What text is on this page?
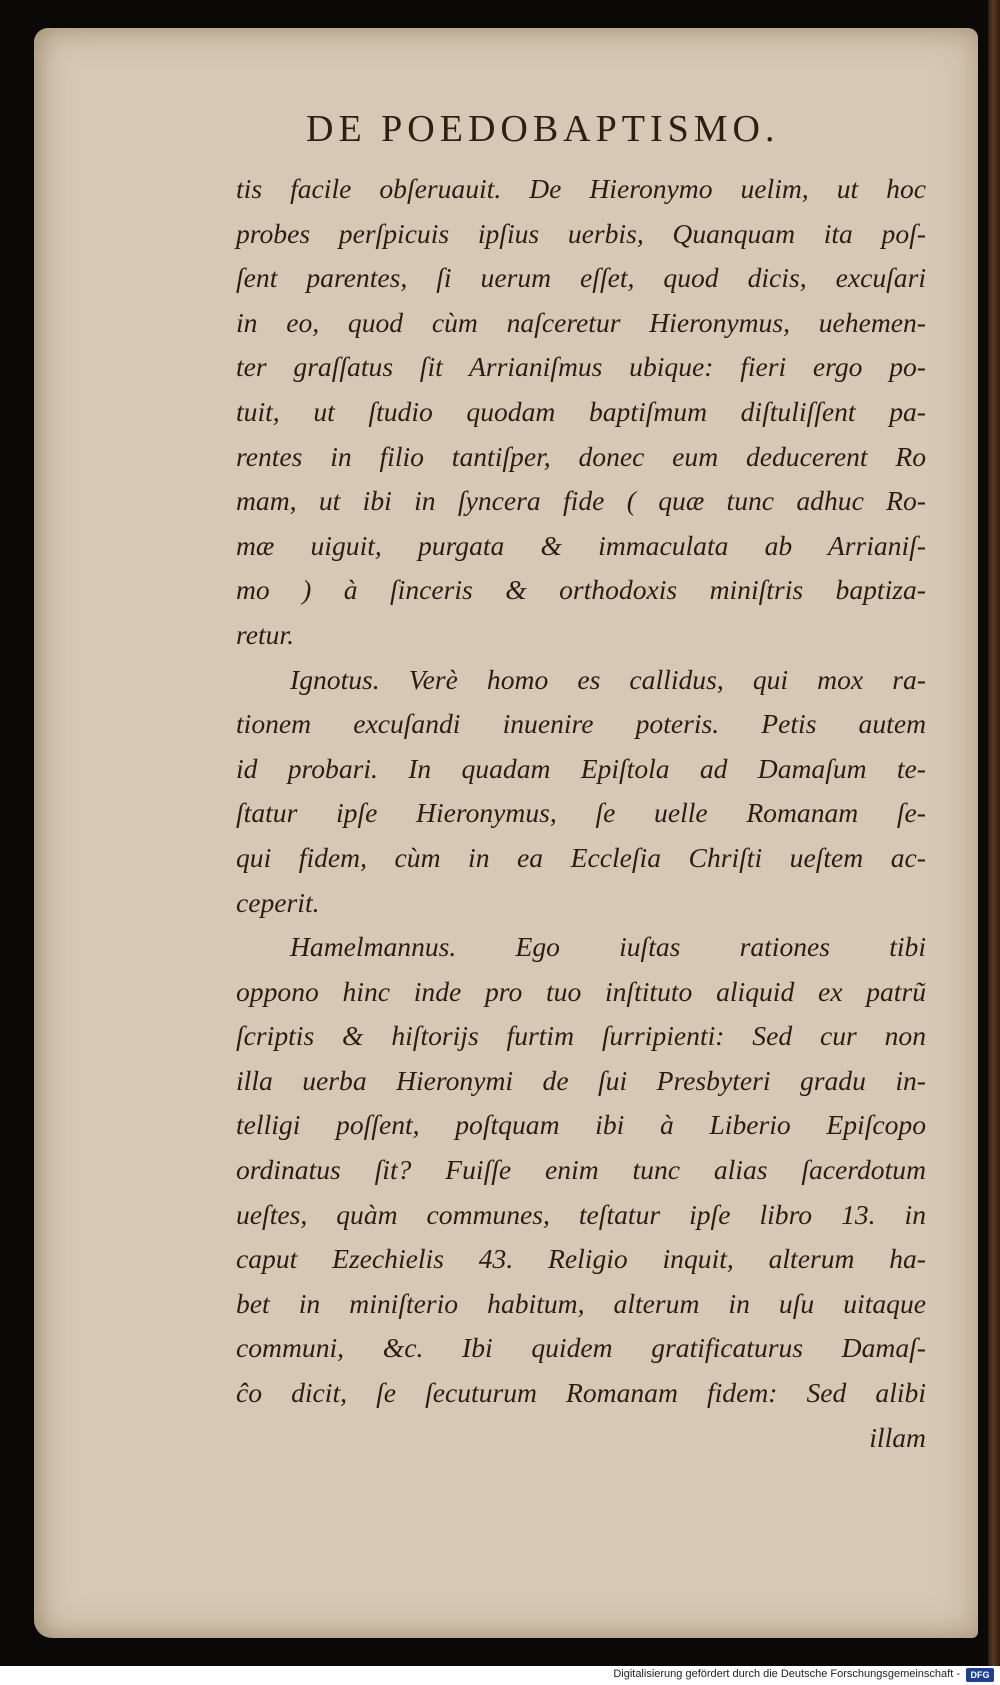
DE POEDOBAPTISMO.
tis facile obſeruauit. De Hieronymo uelim, ut hoc
probes perſpicuis ipſius uerbis, Quanquam ita poſ-
ſent parentes, ſi uerum eſſet, quod dicis, excuſari
in eo, quod cùm naſceretur Hieronymus, uehemen-
ter graſſatus ſit Arrianiſmus ubique: fieri ergo po-
tuit, ut ſtudio quodam baptiſmum diſtuliſſent pa-
rentes in filio tantiſper, donec eum deducerent Ro
mam, ut ibi in ſyncera fide ( quæ tunc adhuc Ro-
mæ uiguit, purgata & immaculata ab Arrianiſ-
mo ) à ſinceris & orthodoxis miniſtris baptiza-
retur.
Ignotus. Verè homo es callidus, qui mox ra-
tionem excuſandi inuenire poteris. Petis autem
id probari. In quadam Epiſtola ad Damaſum te-
ſtatur ipſe Hieronymus, ſe uelle Romanam ſe-
qui fidem, cùm in ea Eccleſia Chriſti ueſtem ac-
ceperit.
Hamelmannus. Ego iuſtas rationes tibi
oppono hinc inde pro tuo inſtituto aliquid ex patrũ
ſcriptis & hiſtorijs furtim ſurripienti: Sed cur non
illa uerba Hieronymi de ſui Presbyteri gradu in-
telligi poſſent, poſtquam ibi à Liberio Epiſcopo
ordinatus ſit? Fuiſſe enim tunc alias ſacerdotum
ueſtes, quàm communes, teſtatur ipſe libro 13. in
caput Ezechielis 43. Religio inquit, alterum ha-
bet in miniſterio habitum, alterum in uſu uitaque
communi, &c. Ibi quidem gratificaturus Damaſ-
ĉo dicit, ſe ſecuturum Romanam fidem: Sed alibi
illam
Digitalisierung gefördert durch die Deutsche Forschungsgemeinschaft -	DFG
